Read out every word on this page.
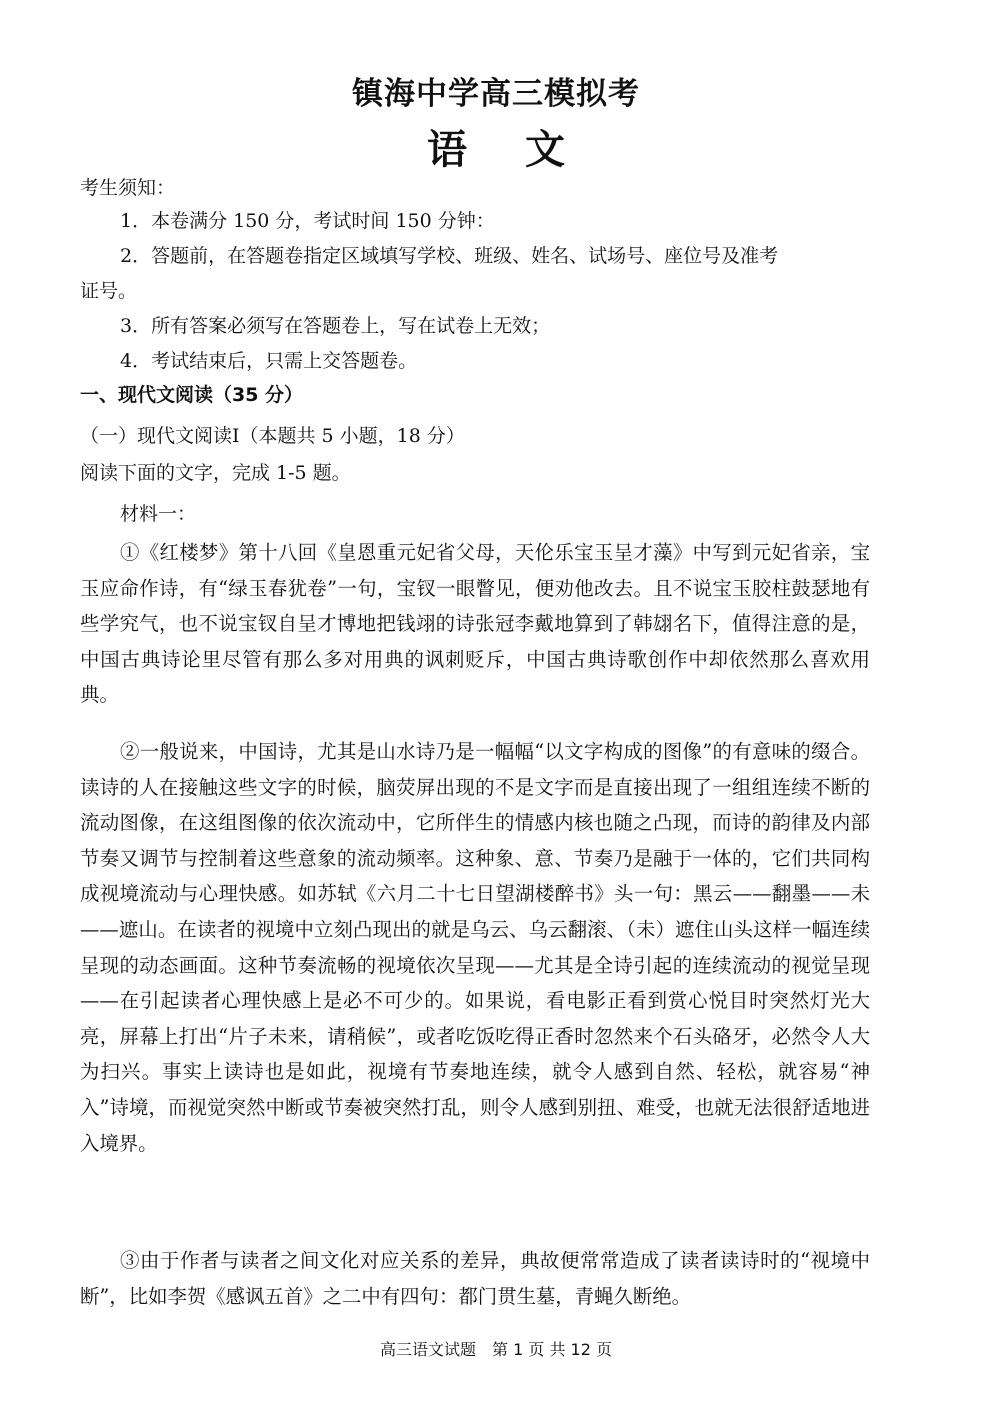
镇海中学高三模拟考
语 文

考生须知：

1．本卷满分 150 分，考试时间 150 分钟：

2．答题前，在答题卷指定区域填写学校、班级、姓名、试场号、座位号及准考

证号。

3．所有答案必须写在答题卷上，写在试卷上无效；

4．考试结束后，只需上交答题卷。

一、现代文阅读（35 分）

（一）现代文阅读Ⅰ（本题共 5 小题，18 分）

阅读下面的文字，完成 1-5 题。

材料一：

①《红楼梦》第十八回《皇恩重元妃省父母，天伦乐宝玉呈才藻》中写到元妃省亲，宝玉应命作诗，有“绿玉春犹卷”一句，宝钗一眼瞥见，便劝他改去。且不说宝玉胶柱鼓瑟地有些学究气，也不说宝钗自呈才博地把钱翊的诗张冠李戴地算到了韩翃名下，值得注意的是，中国古典诗论里尽管有那么多对用典的讽刺贬斥，中国古典诗歌创作中却依然那么喜欢用典。

②一般说来，中国诗，尤其是山水诗乃是一幅幅“以文字构成的图像”的有意味的缀合。读诗的人在接触这些文字的时候，脑荧屏出现的不是文字而是直接出现了一组组连续不断的流动图像，在这组图像的依次流动中，它所伴生的情感内核也随之凸现，而诗的韵律及内部节奏又调节与控制着这些意象的流动频率。这种象、意、节奏乃是融于一体的，它们共同构成视境流动与心理快感。如苏轼《六月二十七日望湖楼醉书》头一句：黑云——翻墨——未——遮山。在读者的视境中立刻凸现出的就是乌云、乌云翻滚、（未）遮住山头这样一幅连续呈现的动态画面。这种节奏流畅的视境依次呈现——尤其是全诗引起的连续流动的视觉呈现——在引起读者心理快感上是必不可少的。如果说，看电影正看到赏心悦目时突然灯光大亮，屏幕上打出“片子未来，请稍候”，或者吃饭吃得正香时忽然来个石头硌牙，必然令人大为扫兴。事实上读诗也是如此，视境有节奏地连续，就令人感到自然、轻松，就容易“神入”诗境，而视觉突然中断或节奏被突然打乱，则令人感到别扭、难受，也就无法很舒适地进入境界。

③由于作者与读者之间文化对应关系的差异，典故便常常造成了读者读诗时的“视境中断”，比如李贺《感讽五首》之二中有四句：都门贯生墓，青蝇久断绝。

高三语文试题　第 1 页 共 12 页
